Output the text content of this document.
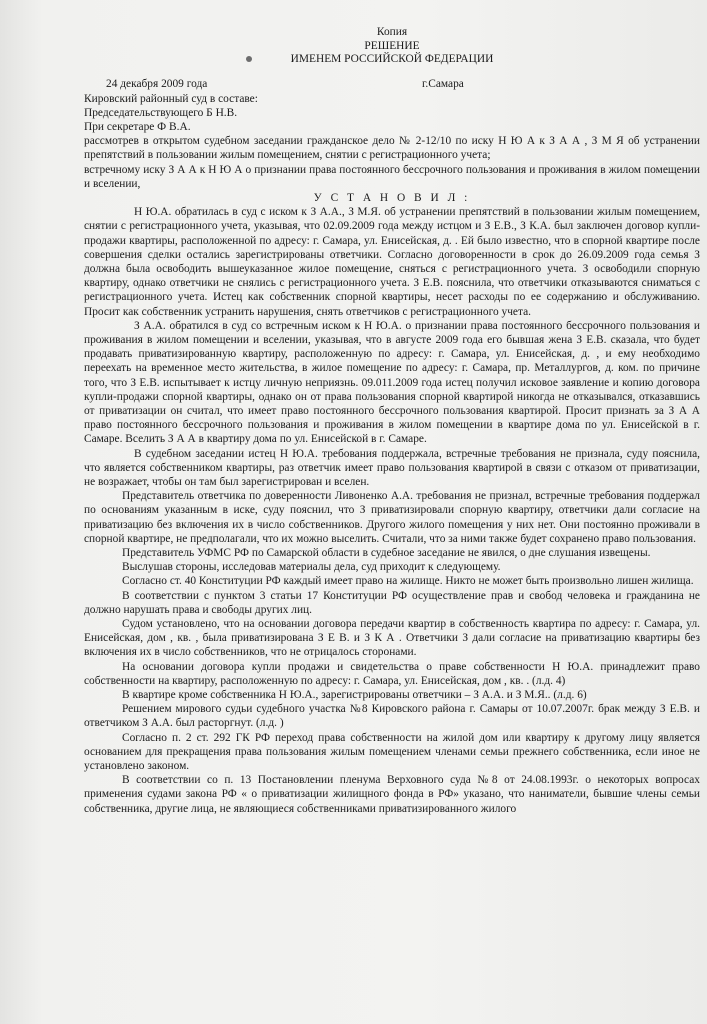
Копия
РЕШЕНИЕ
ИМЕНЕМ РОССИЙСКОЙ ФЕДЕРАЦИИ
24 декабря 2009 года	г.Самара

Кировский районный суд в составе:

Председательствующего Б Н.В.

При секретаре Ф В.А.

рассмотрев в открытом судебном заседании гражданское дело № 2-12/10 по иску Н Ю А к З А А , З М Я об устранении препятствий в пользовании жилым помещением, снятии с регистрационного учета;

встречному иску З А А к Н Ю А о признании права постоянного бессрочного пользования и проживания в жилом помещении и вселении,

У С Т А Н О В И Л :

Н Ю.А. обратилась в суд с иском к З А.А., З М.Я. об устранении препятствий в пользовании жилым помещением, снятии с регистрационного учета, указывая, что 02.09.2009 года между истцом и З Е.В., З К.А. был заключен договор купли-продажи квартиры, расположенной по адресу: г. Самара, ул. Енисейская, д. . Ей было известно, что в спорной квартире после совершения сделки остались зарегистрированы ответчики. Согласно договоренности в срок до 26.09.2009 года семья З должна была освободить вышеуказанное жилое помещение, сняться с регистрационного учета. З освободили спорную квартиру, однако ответчики не снялись с регистрационного учета. З Е.В. пояснила, что ответчики отказываются сниматься с регистрационного учета. Истец как собственник спорной квартиры, несет расходы по ее содержанию и обслуживанию. Просит как собственник устранить нарушения, снять ответчиков с регистрационного учета.

З А.А. обратился в суд со встречным иском к Н Ю.А. о признании права постоянного бессрочного пользования и проживания в жилом помещении и вселении, указывая, что в августе 2009 года его бывшая жена З Е.В. сказала, что будет продавать приватизированную квартиру, расположенную по адресу: г. Самара, ул. Енисейская, д. , и ему необходимо переехать на временное место жительства, в жилое помещение по адресу: г. Самара, пр. Металлургов, д. ком. по причине того, что З Е.В. испытывает к истцу личную неприязнь. 09.011.2009 года истец получил исковое заявление и копию договора купли-продажи спорной квартиры, однако он от права пользования спорной квартирой никогда не отказывался, отказавшись от приватизации он считал, что имеет право постоянного бессрочного пользования квартирой. Просит признать за З А А право постоянного бессрочного пользования и проживания в жилом помещении в квартире дома по ул. Енисейской в г. Самаре. Вселить З А А в квартиру дома по ул. Енисейской в г. Самаре.

В судебном заседании истец Н Ю.А. требования поддержала, встречные требования не признала, суду пояснила, что является собственником квартиры, раз ответчик имеет право пользования квартирой в связи с отказом от приватизации, не возражает, чтобы он там был зарегистрирован и вселен.

Представитель ответчика по доверенности Ливоненко А.А. требования не признал, встречные требования поддержал по основаниям указанным в иске, суду пояснил, что З приватизировали спорную квартиру, ответчики дали согласие на приватизацию без включения их в число собственников. Другого жилого помещения у них нет. Они постоянно проживали в спорной квартире, не предполагали, что их можно выселить. Считали, что за ними также будет сохранено право пользования.

Представитель УФМС РФ по Самарской области в судебное заседание не явился, о дне слушания извещены.

Выслушав стороны, исследовав материалы дела, суд приходит к следующему.

Согласно ст. 40 Конституции РФ каждый имеет право на жилище. Никто не может быть произвольно лишен жилища.

В соответствии с пунктом 3 статьи 17 Конституции РФ осуществление прав и свобод человека и гражданина не должно нарушать права и свободы других лиц.

Судом установлено, что на основании договора передачи квартир в собственность квартира по адресу: г. Самара, ул. Енисейская, дом , кв. , была приватизирована З Е В. и З К А . Ответчики З дали согласие на приватизацию квартиры без включения их в число собственников, что не отрицалось сторонами.

На основании договора купли продажи и свидетельства о праве собственности Н Ю.А. принадлежит право собственности на квартиру, расположенную по адресу: г. Самара, ул. Енисейская, дом , кв. . (л.д. 4)

В квартире кроме собственника Н Ю.А., зарегистрированы ответчики – З А.А. и З М.Я.. (л.д. 6)

Решением мирового судьи судебного участка №8 Кировского района г. Самары от 10.07.2007г. брак между З Е.В. и ответчиком З А.А. был расторгнут. (л.д. )

Согласно п. 2 ст. 292 ГК РФ переход права собственности на жилой дом или квартиру к другому лицу является основанием для прекращения права пользования жилым помещением членами семьи прежнего собственника, если иное не установлено законом.

В соответствии со п. 13 Постановлении пленума Верховного суда №8 от 24.08.1993г. о некоторых вопросах применения судами закона РФ « о приватизации жилищного фонда в РФ» указано, что наниматели, бывшие члены семьи собственника, другие лица, не являющиеся собственниками приватизированного жилого
